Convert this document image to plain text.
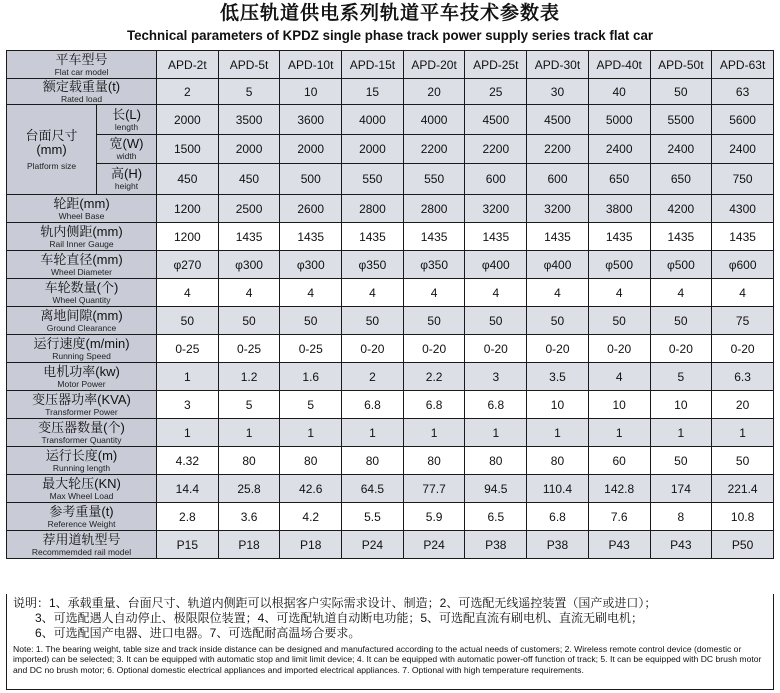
低压轨道供电系列轨道平车技术参数表
Technical parameters of KPDZ single phase track power supply series track flat car
平车型号
Flat car model		APD-2t	APD-5t	APD-10t	APD-15t	APD-20t	APD-25t	APD-30t	APD-40t	APD-50t	APD-63t

额定载重量(t)
Rated load		2	5	10	15	20	25	30	40	50	63

台面尺寸
(mm)
Platform size	长(L)
length	2000	3500	3600	4000	4000	4500	4500	5000	5500	5600

	宽(W)
width	1500	2000	2000	2000	2200	2200	2200	2400	2400	2400

	高(H)
height	450	450	500	550	550	600	600	650	650	750

轮距(mm)
Wheel Base		1200	2500	2600	2800	2800	3200	3200	3800	4200	4300

轨内侧距(mm)
Rail Inner Gauge		1200	1435	1435	1435	1435	1435	1435	1435	1435	1435

车轮直径(mm)
Wheel Diameter		φ270	φ300	φ300	φ350	φ350	φ400	φ400	φ500	φ500	φ600

车轮数量(个)
Wheel Quantity		4	4	4	4	4	4	4	4	4	4

离地间隙(mm)
Ground Clearance		50	50	50	50	50	50	50	50	50	75

运行速度(m/min)
Running Speed		0-25	0-25	0-25	0-20	0-20	0-20	0-20	0-20	0-20	0-20

电机功率(kw)
Motor Power		1	1.2	1.6	2	2.2	3	3.5	4	5	6.3

变压器功率(KVA)
Transformer Power		3	5	5	6.8	6.8	6.8	10	10	10	20

变压器数量(个)
Transformer Quantity		1	1	1	1	1	1	1	1	1	1

运行长度(m)
Running length		4.32	80	80	80	80	80	80	60	50	50

最大轮压(KN)
Max Wheel Load		14.4	25.8	42.6	64.5	77.7	94.5	110.4	142.8	174	221.4

参考重量(t)
Reference Weight		2.8	3.6	4.2	5.5	5.9	6.5	6.8	7.6	8	10.8

荐用道轨型号
Recommemded rail model		P15	P18	P18	P24	P24	P38	P38	P43	P43	P50
说明：1、承载重量、台面尺寸、轨道内侧距可以根据客户实际需求设计、制造；2、可选配无线遥控装置（国产或进口）；
3、可选配遇人自动停止、极限限位装置；4、可选配轨道自动断电功能；5、可选配直流有刷电机、直流无刷电机；
6、可选配国产电器、进口电器。7、可选配耐高温场合要求。
Note: 1. The bearing weight, table size and track inside distance can be designed and manufactured according to the actual needs of customers; 2. Wireless remote control device (domestic or imported) can be selected; 3. It can be equipped with automatic stop and limit limit device; 4. It can be equipped with automatic power-off function of track; 5. It can be equipped with DC brush motor and DC no brush motor; 6. Optional domestic electrical appliances and imported electrical appliances. 7. Optional with high temperature requirements.
